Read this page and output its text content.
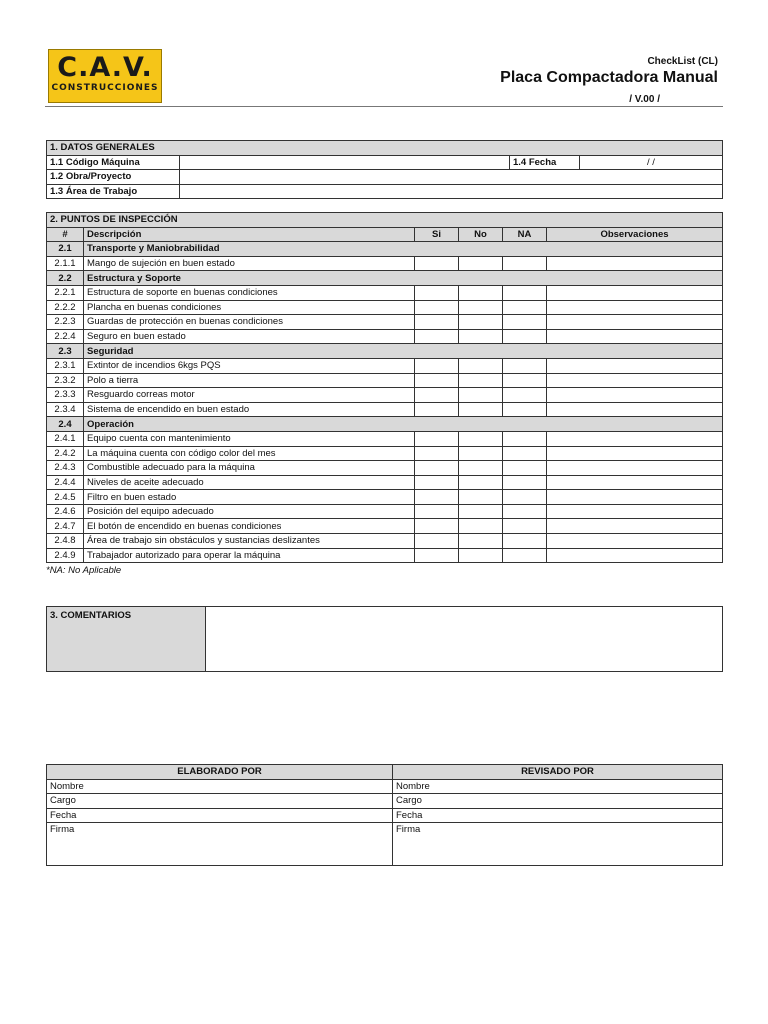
C.A.V.
CONSTRUCCIONES
CheckList (CL)
Placa Compactadora Manual
/ V.00 /
1. DATOS GENERALES			
1.1 Código Máquina		1.4 Fecha	/ /
1.2 Obra/Proyecto			
1.3 Área de Trabajo			
2. PUNTOS DE INSPECCIÓN					
#	Descripción	Si	No	NA	Observaciones
2.1	Transporte y Maniobrabilidad				
2.1.1	Mango de sujeción en buen estado				
2.2	Estructura y Soporte				
2.2.1	Estructura de soporte en buenas condiciones				
2.2.2	Plancha en buenas condiciones				
2.2.3	Guardas de protección en buenas condiciones				
2.2.4	Seguro en buen estado				
2.3	Seguridad				
2.3.1	Extintor de incendios 6kgs PQS				
2.3.2	Polo a tierra				
2.3.3	Resguardo correas motor				
2.3.4	Sistema de encendido en buen estado				
2.4	Operación				
2.4.1	Equipo cuenta con mantenimiento				
2.4.2	La máquina cuenta con código color del mes				
2.4.3	Combustible adecuado para la máquina				
2.4.4	Niveles de aceite adecuado				
2.4.5	Filtro en buen estado				
2.4.6	Posición del equipo adecuado				
2.4.7	El botón de encendido en buenas condiciones				
2.4.8	Área de trabajo sin obstáculos y sustancias deslizantes				
2.4.9	Trabajador autorizado para operar la máquina				
*NA: No Aplicable
3. COMENTARIOS	
ELABORADO POR	REVISADO POR
Nombre	Nombre
Cargo	Cargo
Fecha	Fecha
Firma	Firma
